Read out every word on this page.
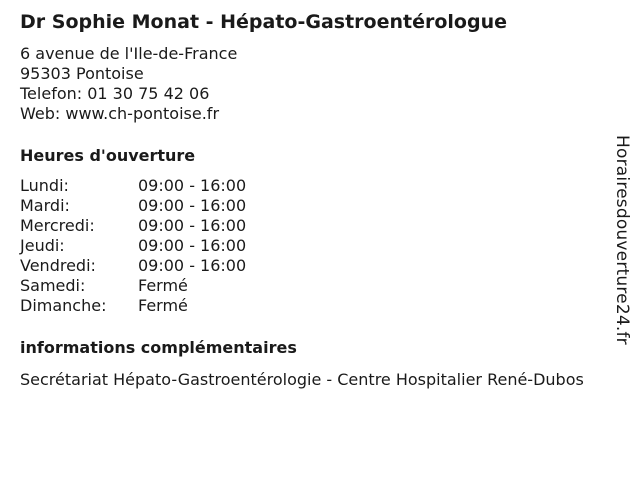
Dr Sophie Monat - Hépato-Gastroentérologue
6 avenue de l'Ile-de-France
95303 Pontoise
Telefon: 01 30 75 42 06
Web: www.ch-pontoise.fr
Heures d'ouverture
Lundi:	09:00 - 16:00
Mardi:	09:00 - 16:00
Mercredi:	09:00 - 16:00
Jeudi:	09:00 - 16:00
Vendredi:	09:00 - 16:00
Samedi:	Fermé
Dimanche:	Fermé
informations complémentaires
Secrétariat Hépato-Gastroentérologie - Centre Hospitalier René-Dubos
Horairesdouverture24.fr
